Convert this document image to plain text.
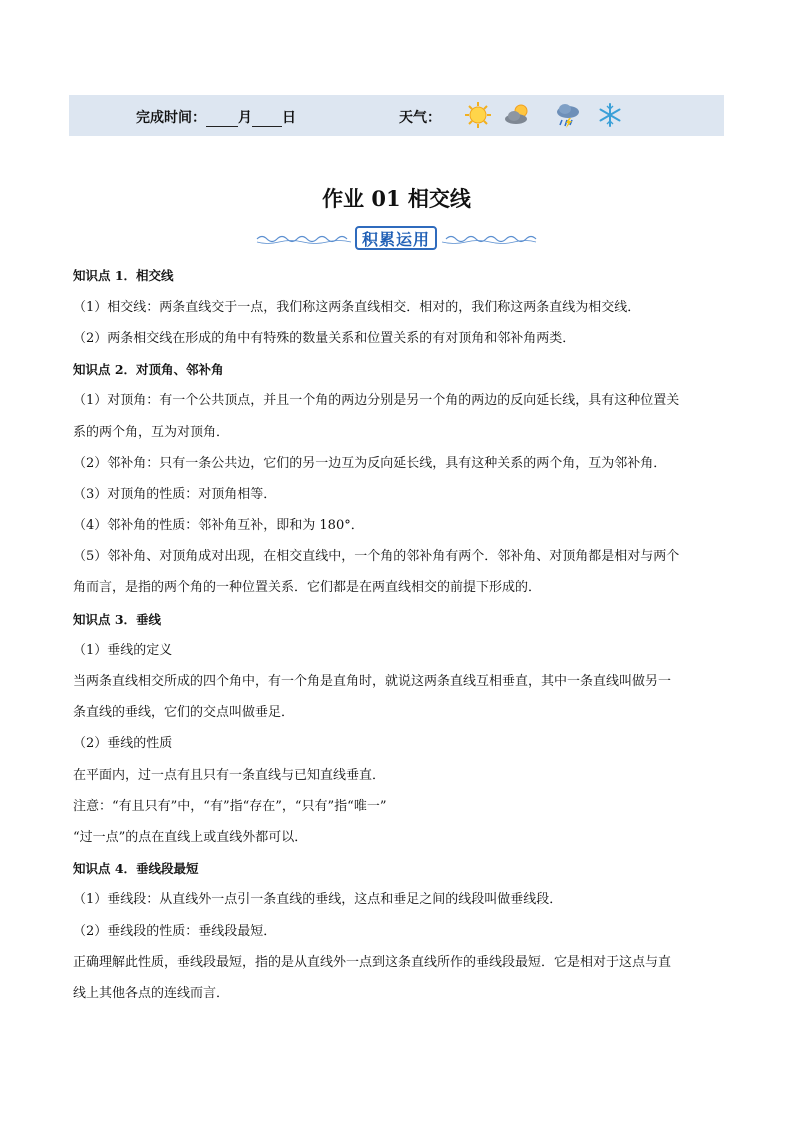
完成时间： 月 日	天气：
作业 01 相交线
积累运用
知识点 1．相交线
（1）相交线：两条直线交于一点，我们称这两条直线相交．相对的，我们称这两条直线为相交线．
（2）两条相交线在形成的角中有特殊的数量关系和位置关系的有对顶角和邻补角两类．
知识点 2．对顶角、邻补角
（1）对顶角：有一个公共顶点，并且一个角的两边分别是另一个角的两边的反向延长线，具有这种位置关
系的两个角，互为对顶角．
（2）邻补角：只有一条公共边，它们的另一边互为反向延长线，具有这种关系的两个角，互为邻补角．
（3）对顶角的性质：对顶角相等．
（4）邻补角的性质：邻补角互补，即和为 180°．
（5）邻补角、对顶角成对出现，在相交直线中，一个角的邻补角有两个．邻补角、对顶角都是相对与两个
角而言，是指的两个角的一种位置关系．它们都是在两直线相交的前提下形成的．
知识点 3．垂线
（1）垂线的定义
当两条直线相交所成的四个角中，有一个角是直角时，就说这两条直线互相垂直，其中一条直线叫做另一
条直线的垂线，它们的交点叫做垂足．
（2）垂线的性质
在平面内，过一点有且只有一条直线与已知直线垂直．
注意：“有且只有”中，“有”指“存在”，“只有”指“唯一”
“过一点”的点在直线上或直线外都可以．
知识点 4．垂线段最短
（1）垂线段：从直线外一点引一条直线的垂线，这点和垂足之间的线段叫做垂线段．
（2）垂线段的性质：垂线段最短．
正确理解此性质，垂线段最短，指的是从直线外一点到这条直线所作的垂线段最短．它是相对于这点与直
线上其他各点的连线而言．
